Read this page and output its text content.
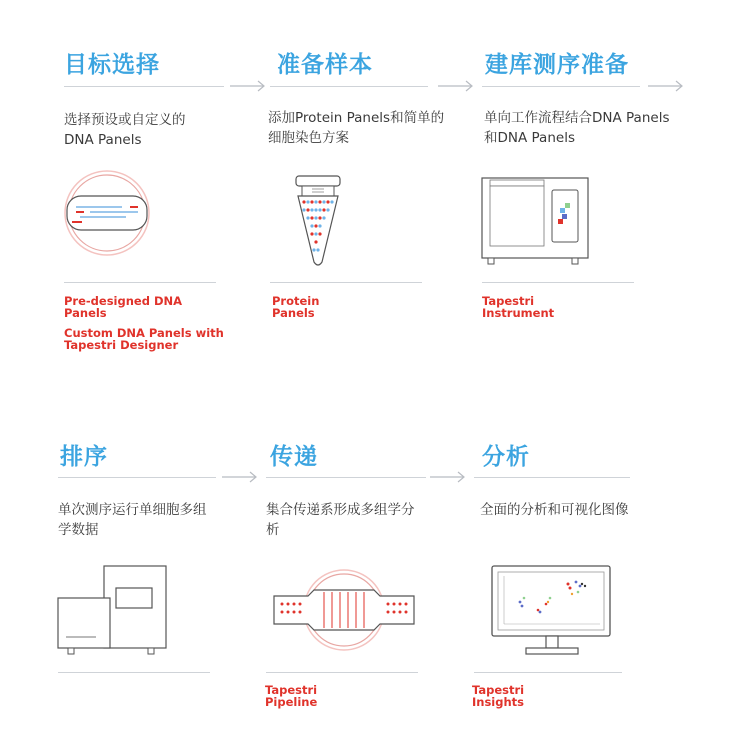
目标选择
选择预设或自定义的
DNA Panels
Pre-designed DNA Panels
Custom DNA Panels with Tapestri Designer
准备样本
添加Protein Panels和简单的
细胞染色方案
Protein Panels
建库测序准备
单向工作流程结合DNA Panels
和DNA Panels
Tapestri Instrument
排序
单次测序运行单细胞多组
学数据
传递
集合传递系形成多组学分
析
Tapestri Pipeline
分析
全面的分析和可视化图像
Tapestri Insights
